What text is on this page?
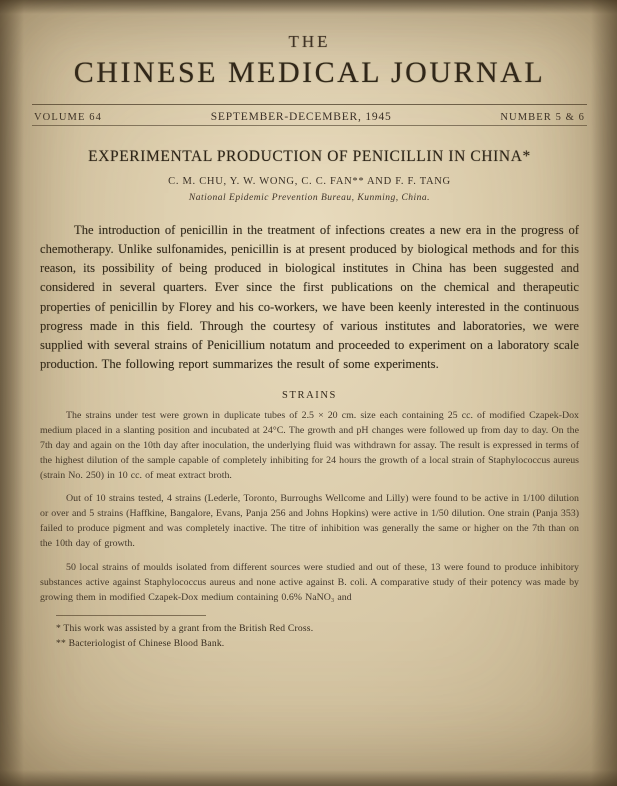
THE
CHINESE MEDICAL JOURNAL
VOLUME 64	SEPTEMBER-DECEMBER, 1945	NUMBER 5 & 6
EXPERIMENTAL PRODUCTION OF PENICILLIN IN CHINA*
C. M. CHU, Y. W. WONG, C. C. FAN** AND F. F. TANG
National Epidemic Prevention Bureau, Kunming, China.
The introduction of penicillin in the treatment of infections creates a new era in the progress of chemotherapy. Unlike sulfonamides, penicillin is at present produced by biological methods and for this reason, its possibility of being produced in biological institutes in China has been suggested and considered in several quarters. Ever since the first publications on the chemical and therapeutic properties of penicillin by Florey and his co-workers, we have been keenly interested in the continuous progress made in this field. Through the courtesy of various institutes and laboratories, we were supplied with several strains of Penicillium notatum and proceeded to experiment on a laboratory scale production. The following report summarizes the result of some experiments.
STRAINS
The strains under test were grown in duplicate tubes of 2.5 × 20 cm. size each containing 25 cc. of modified Czapek-Dox medium placed in a slanting position and incubated at 24°C. The growth and pH changes were followed up from day to day. On the 7th day and again on the 10th day after inoculation, the underlying fluid was withdrawn for assay. The result is expressed in terms of the highest dilution of the sample capable of completely inhibiting for 24 hours the growth of a local strain of Staphylococcus aureus (strain No. 250) in 10 cc. of meat extract broth.
Out of 10 strains tested, 4 strains (Lederle, Toronto, Burroughs Wellcome and Lilly) were found to be active in 1/100 dilution or over and 5 strains (Haffkine, Bangalore, Evans, Panja 256 and Johns Hopkins) were active in 1/50 dilution. One strain (Panja 353) failed to produce pigment and was completely inactive. The titre of inhibition was generally the same or higher on the 7th than on the 10th day of growth.
50 local strains of moulds isolated from different sources were studied and out of these, 13 were found to produce inhibitory substances active against Staphylococcus aureus and none active against B. coli. A comparative study of their potency was made by growing them in modified Czapek-Dox medium containing 0.6% NaNO₃ and
* This work was assisted by a grant from the British Red Cross.
** Bacteriologist of Chinese Blood Bank.
